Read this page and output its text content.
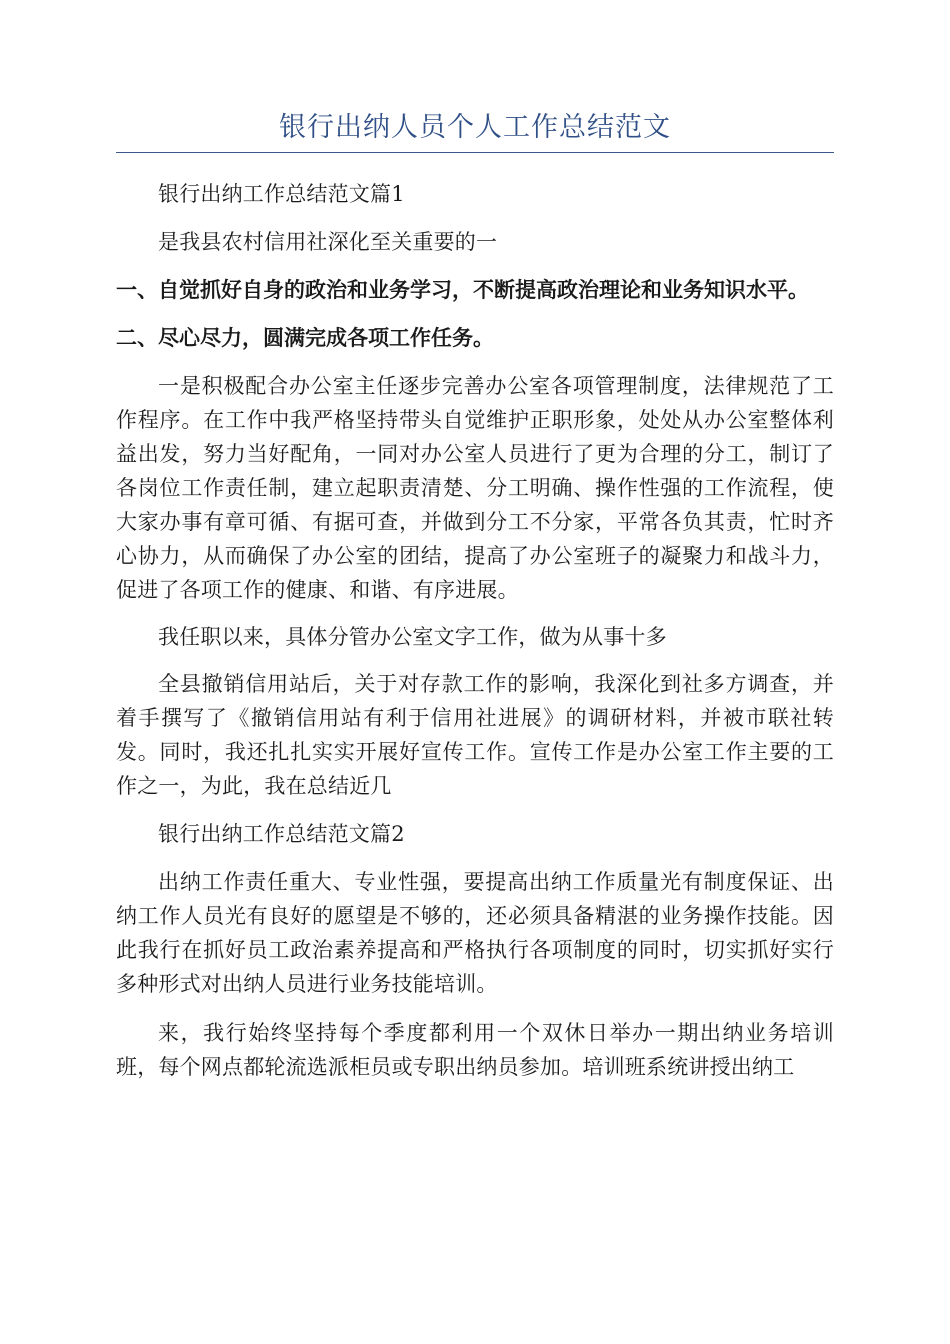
银行出纳人员个人工作总结范文

银行出纳工作总结范文篇1

是我县农村信用社深化至关重要的一

一、自觉抓好自身的政治和业务学习，不断提高政治理论和业务知识水平。

二、尽心尽力，圆满完成各项工作任务。

一是积极配合办公室主任逐步完善办公室各项管理制度，法律规范了工作程序。在工作中我严格坚持带头自觉维护正职形象，处处从办公室整体利益出发，努力当好配角，一同对办公室人员进行了更为合理的分工，制订了各岗位工作责任制，建立起职责清楚、分工明确、操作性强的工作流程，使大家办事有章可循、有据可查，并做到分工不分家，平常各负其责，忙时齐心协力，从而确保了办公室的团结，提高了办公室班子的凝聚力和战斗力，促进了各项工作的健康、和谐、有序进展。

我任职以来，具体分管办公室文字工作，做为从事十多

全县撤销信用站后，关于对存款工作的影响，我深化到社多方调查，并着手撰写了《撤销信用站有利于信用社进展》的调研材料，并被市联社转发。同时，我还扎扎实实开展好宣传工作。宣传工作是办公室工作主要的工作之一，为此，我在总结近几

银行出纳工作总结范文篇2

出纳工作责任重大、专业性强，要提高出纳工作质量光有制度保证、出纳工作人员光有良好的愿望是不够的，还必须具备精湛的业务操作技能。因此我行在抓好员工政治素养提高和严格执行各项制度的同时，切实抓好实行多种形式对出纳人员进行业务技能培训。

来，我行始终坚持每个季度都利用一个双休日举办一期出纳业务培训班，每个网点都轮流选派柜员或专职出纳员参加。培训班系统讲授出纳工
